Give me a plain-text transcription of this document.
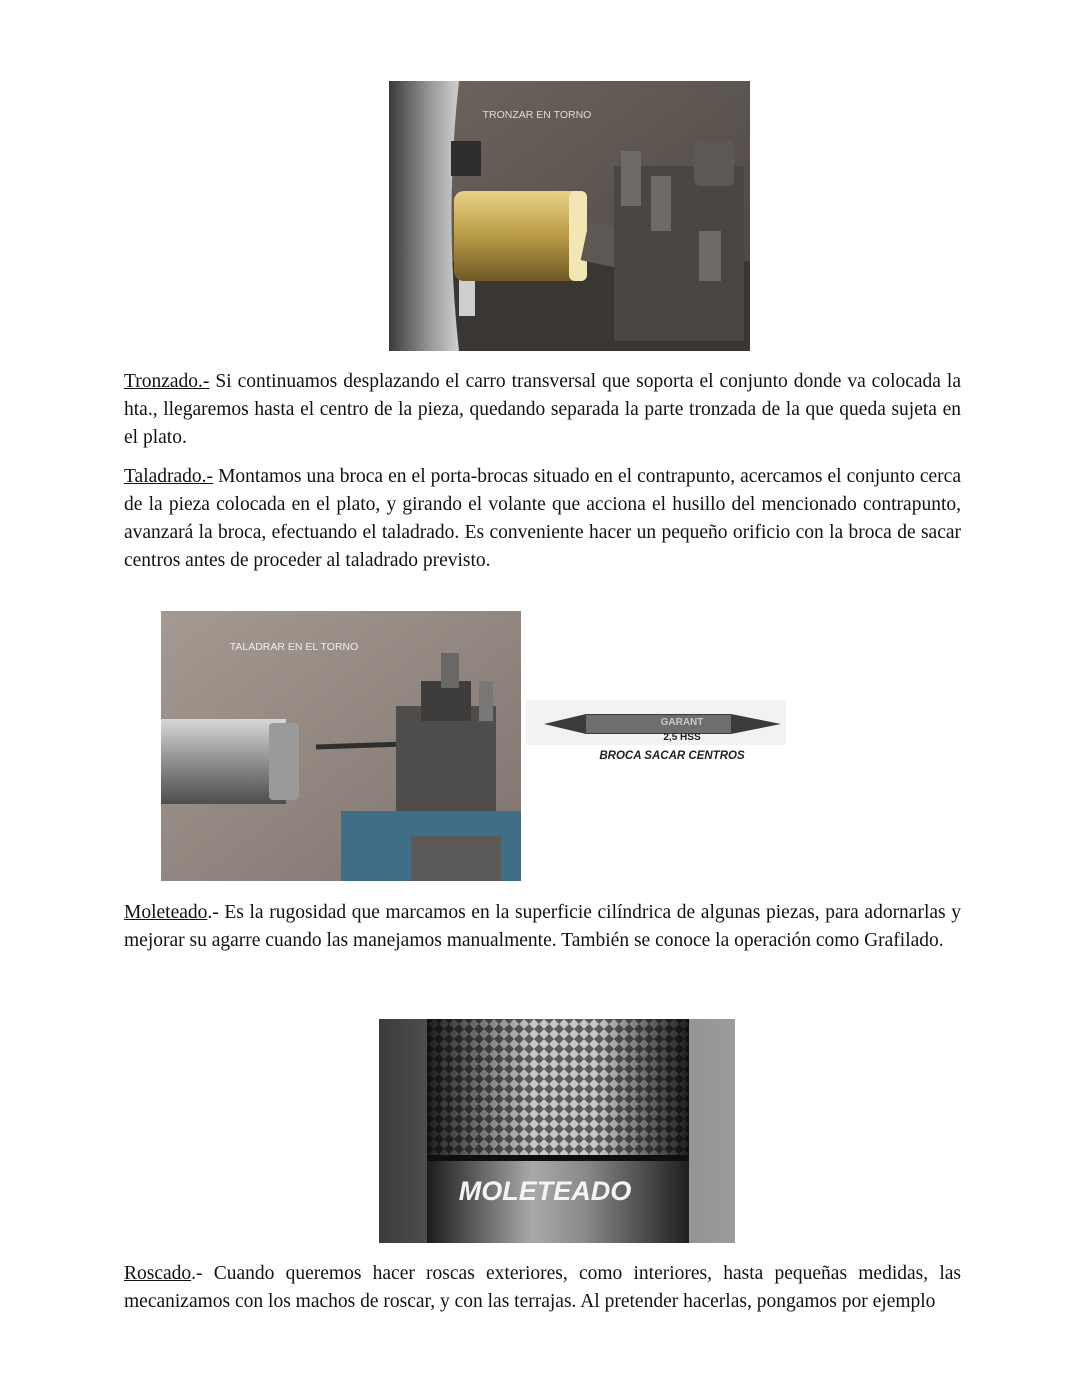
TRONZAR EN TORNO

Tronzado.- Si continuamos desplazando el carro transversal que soporta el conjunto donde va colocada la hta., llegaremos hasta el centro de la pieza, quedando separada la parte tronzada de la que queda sujeta en el plato.

Taladrado.- Montamos una broca en el porta-brocas situado en el contrapunto, acercamos el conjunto cerca de la pieza colocada en el plato, y girando el volante que acciona el husillo del mencionado contrapunto, avanzará la broca, efectuando el taladrado. Es conveniente hacer un pequeño orificio con la broca de sacar centros antes de proceder al taladrado previsto.

TALADRAR EN EL TORNO
GARANT
2,5 HSS
BROCA SACAR CENTROS

Moleteado.- Es la rugosidad que marcamos en la superficie cilíndrica de algunas piezas, para adornarlas y mejorar su agarre cuando las manejamos manualmente. También se conoce la operación como Grafilado.

MOLETEADO

Roscado.- Cuando queremos hacer roscas exteriores, como interiores, hasta pequeñas medidas, las mecanizamos con los machos de roscar, y con las terrajas. Al pretender hacerlas, pongamos por ejemplo
